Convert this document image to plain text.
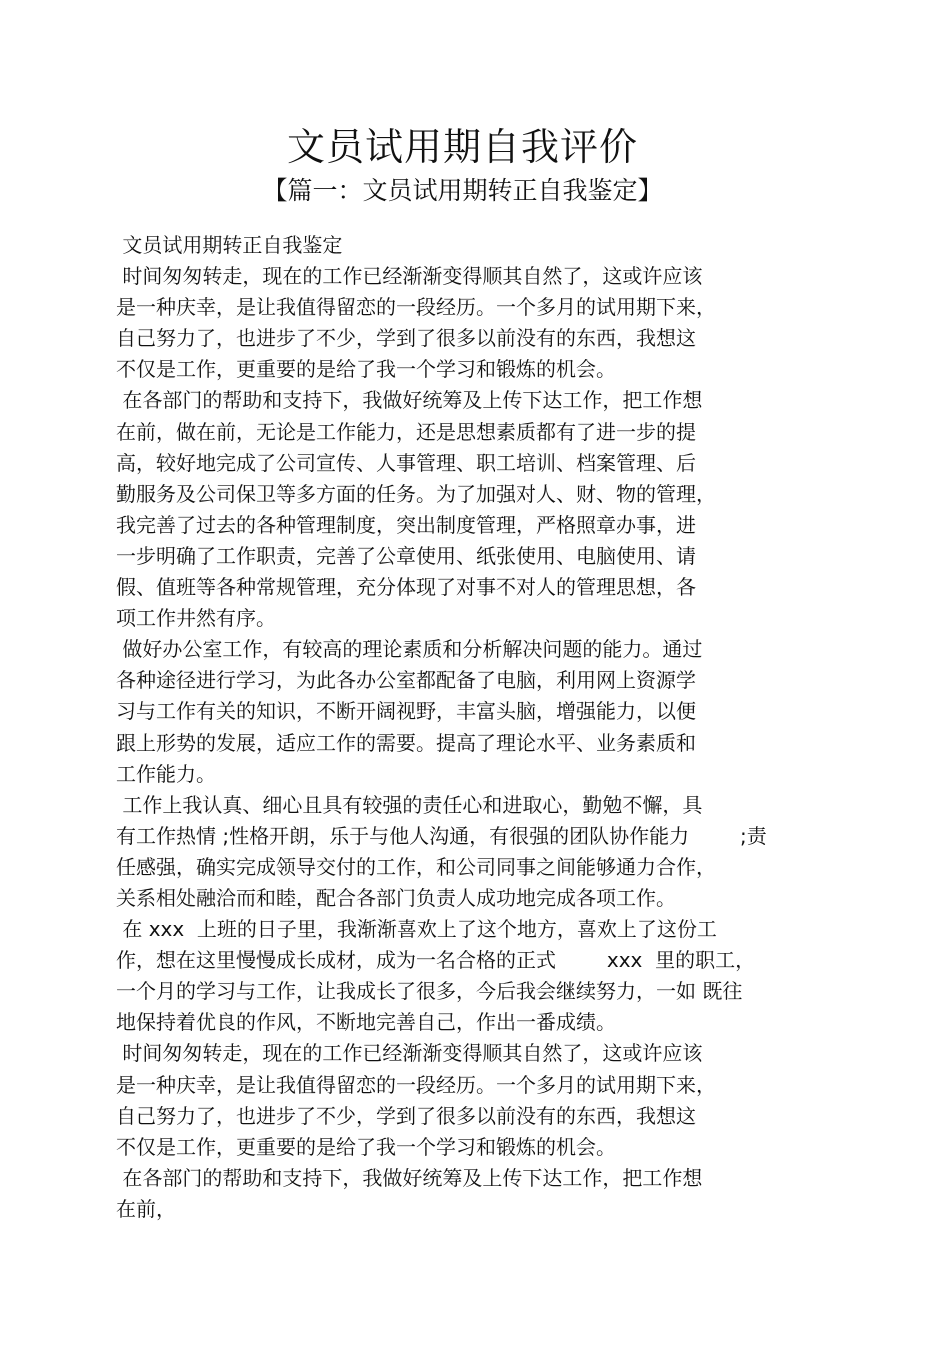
文员试用期自我评价
【篇一：文员试用期转正自我鉴定】

文员试用期转正自我鉴定

时间匆匆转走，现在的工作已经渐渐变得顺其自然了，这或许应该

是一种庆幸，是让我值得留恋的一段经历。一个多月的试用期下来，

自己努力了，也进步了不少，学到了很多以前没有的东西，我想这

不仅是工作，更重要的是给了我一个学习和锻炼的机会。

在各部门的帮助和支持下，我做好统筹及上传下达工作，把工作想

在前，做在前，无论是工作能力，还是思想素质都有了进一步的提

高，较好地完成了公司宣传、人事管理、职工培训、档案管理、后

勤服务及公司保卫等多方面的任务。为了加强对人、财、物的管理，

我完善了过去的各种管理制度，突出制度管理，严格照章办事，进

一步明确了工作职责，完善了公章使用、纸张使用、电脑使用、请

假、值班等各种常规管理，充分体现了对事不对人的管理思想，各

项工作井然有序。

做好办公室工作，有较高的理论素质和分析解决问题的能力。通过

各种途径进行学习，为此各办公室都配备了电脑，利用网上资源学

习与工作有关的知识，不断开阔视野，丰富头脑，增强能力，以便

跟上形势的发展，适应工作的需要。提高了理论水平、业务素质和

工作能力。

工作上我认真、细心且具有较强的责任心和进取心，勤勉不懈，具

有工作热情 ;性格开朗，乐于与他人沟通，有很强的团队协作能力        ;责

任感强，确实完成领导交付的工作，和公司同事之间能够通力合作，

关系相处融洽而和睦，配合各部门负责人成功地完成各项工作。

在 xxx  上班的日子里，我渐渐喜欢上了这个地方，喜欢上了这份工

作，想在这里慢慢成长成材，成为一名合格的正式        xxx  里的职工，

一个月的学习与工作，让我成长了很多，今后我会继续努力，一如 既往

地保持着优良的作风，不断地完善自己，作出一番成绩。

时间匆匆转走，现在的工作已经渐渐变得顺其自然了，这或许应该

是一种庆幸，是让我值得留恋的一段经历。一个多月的试用期下来，

自己努力了，也进步了不少，学到了很多以前没有的东西，我想这

不仅是工作，更重要的是给了我一个学习和锻炼的机会。

在各部门的帮助和支持下，我做好统筹及上传下达工作，把工作想

在前，
